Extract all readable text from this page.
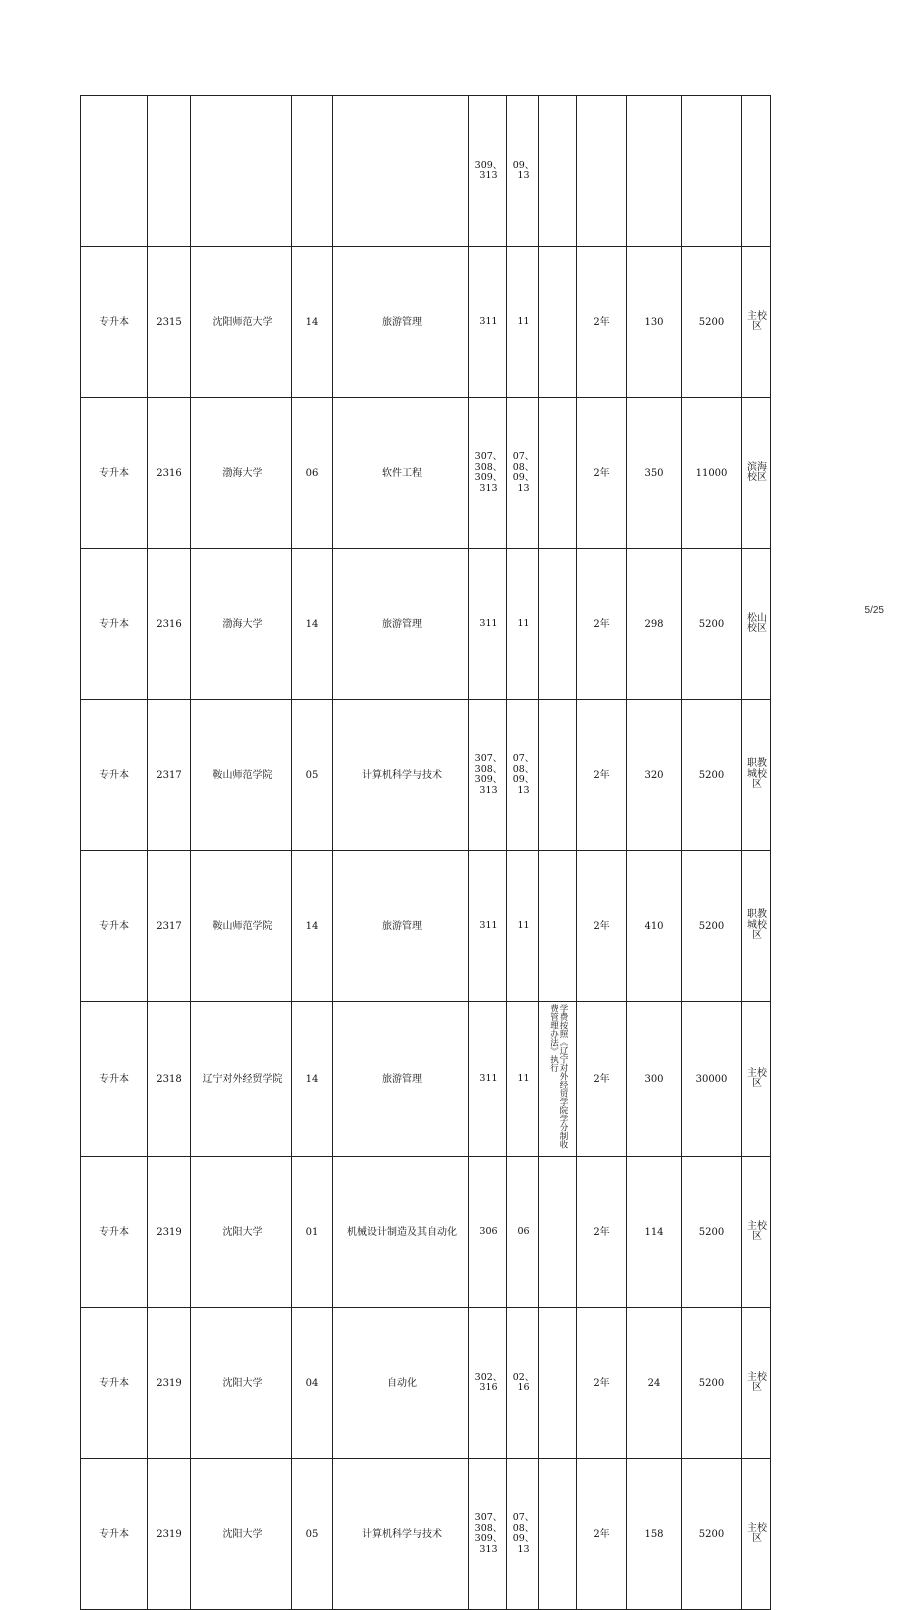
					309、
313	09、
13	

专升本	2315	沈阳师范大学	14	旅游管理	311	11		2年	130	5200	主校
区
专升本	2316	渤海大学	06	软件工程	307、
308、
309、
313	07、
08、
09、
13		2年	350	11000	滨海
校区
专升本	2316	渤海大学	14	旅游管理	311	11		2年	298	5200	松山
校区
专升本	2317	鞍山师范学院	05	计算机科学与技术	307、
308、
309、
313	07、
08、
09、
13		2年	320	5200	职教
城校
区
专升本	2317	鞍山师范学院	14	旅游管理	311	11		2年	410	5200	职教
城校
区
专升本	2318	辽宁对外经贸学院	14	旅游管理	311	11	学费按照《辽宁对外经贸学院学分制收费管理办法》执行	2年	300	30000	主校
区
专升本	2319	沈阳大学	01	机械设计制造及其自动化	306	06		2年	114	5200	主校
区
专升本	2319	沈阳大学	04	自动化	302、
316	02、
16		2年	24	5200	主校
区
专升本	2319	沈阳大学	05	计算机科学与技术	307、
308、
309、
313	07、
08、
09、
13		2年	158	5200	主校
区
5/25
